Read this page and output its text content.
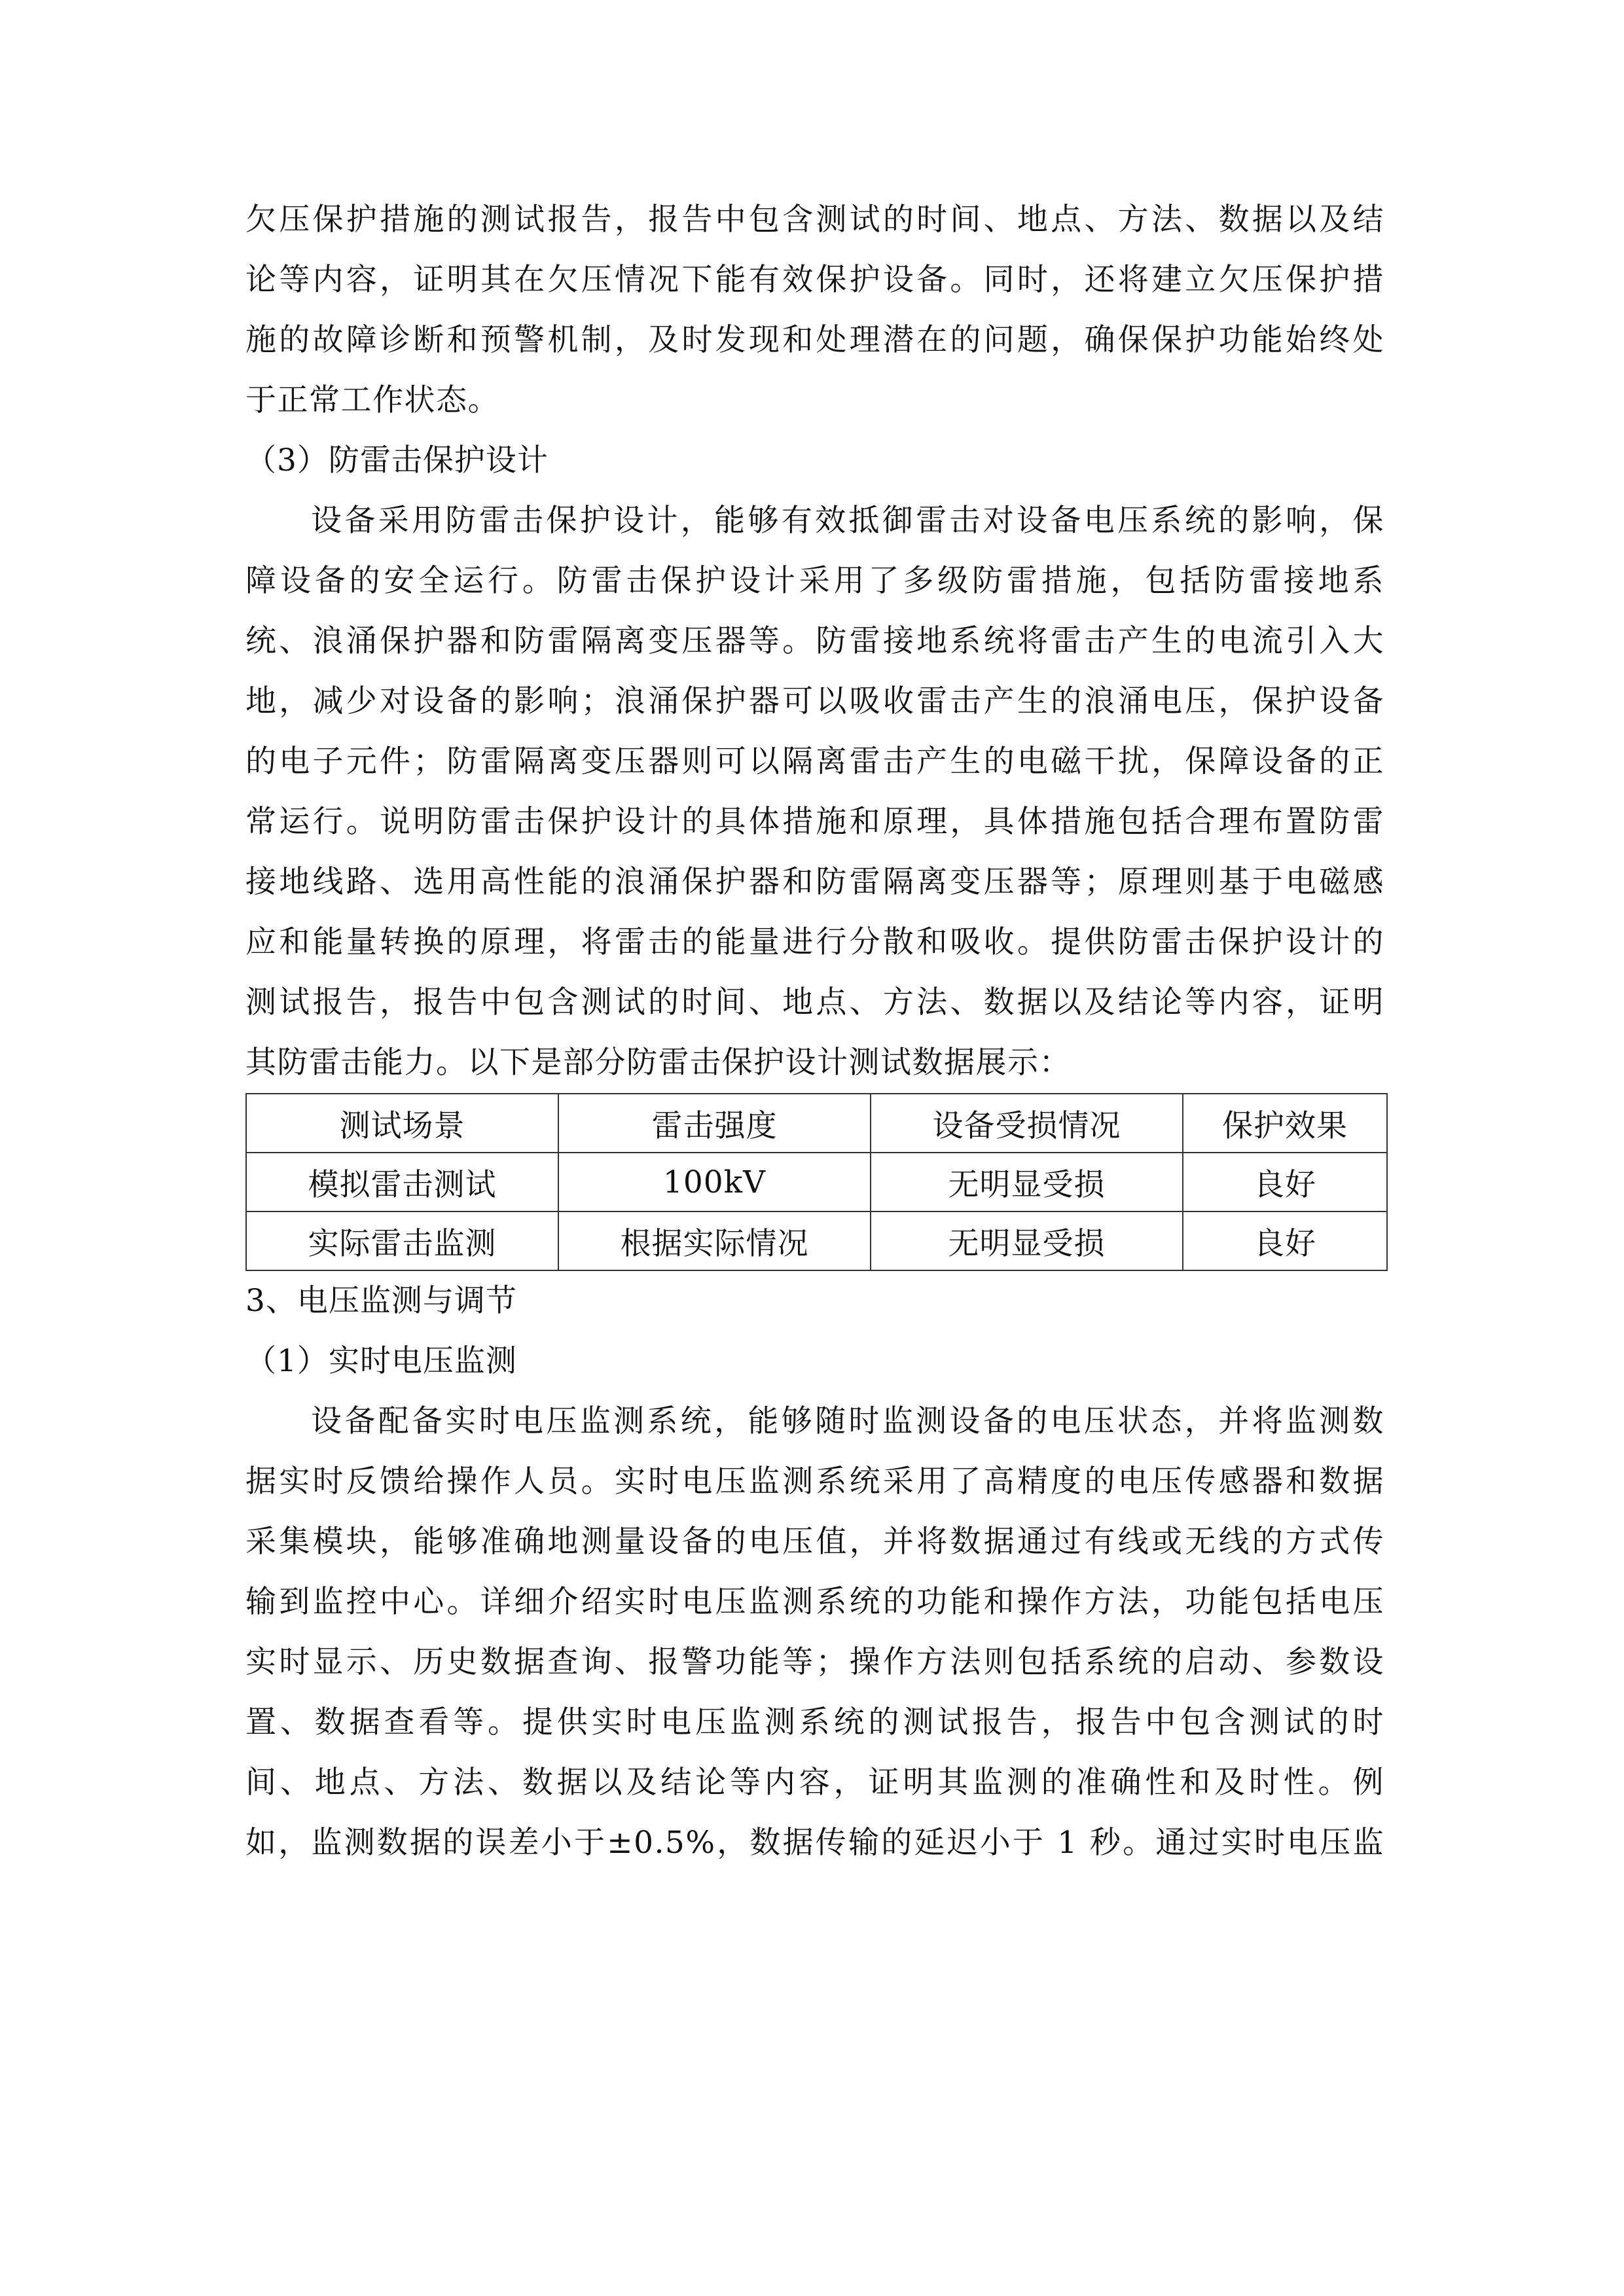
欠压保护措施的测试报告，报告中包含测试的时间、地点、方法、数据以及结
论等内容，证明其在欠压情况下能有效保护设备。同时，还将建立欠压保护措
施的故障诊断和预警机制，及时发现和处理潜在的问题，确保保护功能始终处
于正常工作状态。
（3）防雷击保护设计
设备采用防雷击保护设计，能够有效抵御雷击对设备电压系统的影响，保
障设备的安全运行。防雷击保护设计采用了多级防雷措施，包括防雷接地系
统、浪涌保护器和防雷隔离变压器等。防雷接地系统将雷击产生的电流引入大
地，减少对设备的影响；浪涌保护器可以吸收雷击产生的浪涌电压，保护设备
的电子元件；防雷隔离变压器则可以隔离雷击产生的电磁干扰，保障设备的正
常运行。说明防雷击保护设计的具体措施和原理，具体措施包括合理布置防雷
接地线路、选用高性能的浪涌保护器和防雷隔离变压器等；原理则基于电磁感
应和能量转换的原理，将雷击的能量进行分散和吸收。提供防雷击保护设计的
测试报告，报告中包含测试的时间、地点、方法、数据以及结论等内容，证明
其防雷击能力。以下是部分防雷击保护设计测试数据展示：
测试场景	雷击强度	设备受损情况	保护效果
模拟雷击测试	100kV	无明显受损	良好
实际雷击监测	根据实际情况	无明显受损	良好
3、电压监测与调节
（1）实时电压监测
设备配备实时电压监测系统，能够随时监测设备的电压状态，并将监测数
据实时反馈给操作人员。实时电压监测系统采用了高精度的电压传感器和数据
采集模块，能够准确地测量设备的电压值，并将数据通过有线或无线的方式传
输到监控中心。详细介绍实时电压监测系统的功能和操作方法，功能包括电压
实时显示、历史数据查询、报警功能等；操作方法则包括系统的启动、参数设
置、数据查看等。提供实时电压监测系统的测试报告，报告中包含测试的时
间、地点、方法、数据以及结论等内容，证明其监测的准确性和及时性。例
如，监测数据的误差小于±0.5%，数据传输的延迟小于 1 秒。通过实时电压监
